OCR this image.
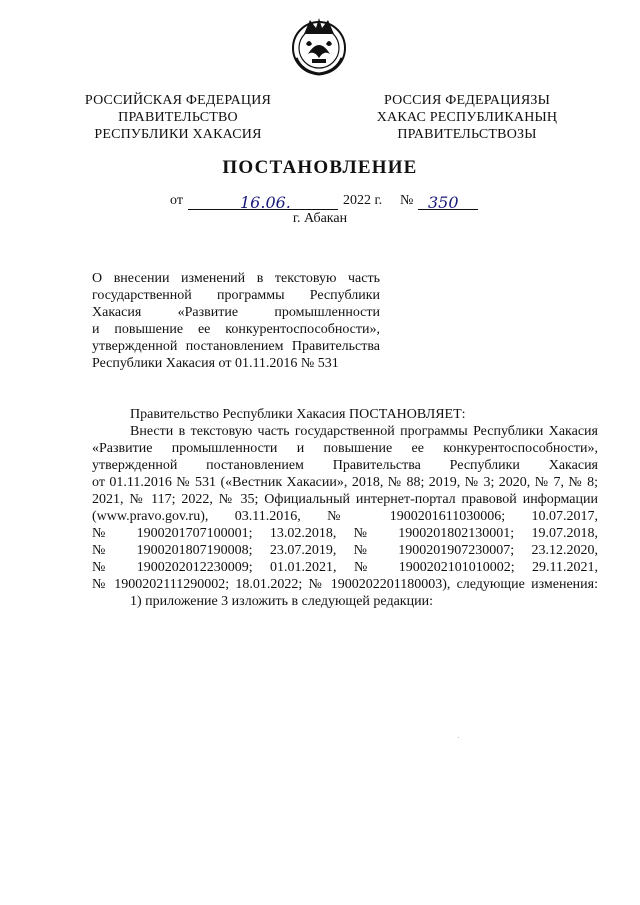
РОССИЙСКАЯ ФЕДЕРАЦИЯ
ПРАВИТЕЛЬСТВО
РЕСПУБЛИКИ ХАКАСИЯ
РОССИЯ ФЕДЕРАЦИЯЗЫ
ХАКАС РЕСПУБЛИКАНЫҢ
ПРАВИТЕЛЬСТВОЗЫ
ПОСТАНОВЛЕНИЕ
от	16.06.	2022 г. № 350
г. Абакан
О внесении изменений в текстовую часть
государственной программы Республики
Хакасия «Развитие промышленности
и повышение ее конкурентоспособности»,
утвержденной постановлением Правительства
Республики Хакасия от 01.11.2016 № 531
Правительство Республики Хакасия ПОСТАНОВЛЯЕТ:
Внести в текстовую часть государственной программы Республики Хакасия
«Развитие промышленности и повышение ее конкурентоспособности»,
утвержденной постановлением Правительства Республики Хакасия
от 01.11.2016 № 531 («Вестник Хакасии», 2018, № 88; 2019, № 3; 2020, № 7, № 8;
2021, № 117; 2022, № 35; Официальный интернет-портал правовой информации
(www.pravo.gov.ru), 03.11.2016, № 1900201611030006; 10.07.2017,
№ 1900201707100001; 13.02.2018, № 1900201802130001; 19.07.2018,
№ 1900201807190008; 23.07.2019, № 1900201907230007; 23.12.2020,
№ 1900202012230009; 01.01.2021, № 1900202101010002; 29.11.2021,
№ 1900202111290002; 18.01.2022; № 1900202201180003), следующие изменения:
1) приложение 3 изложить в следующей редакции:
